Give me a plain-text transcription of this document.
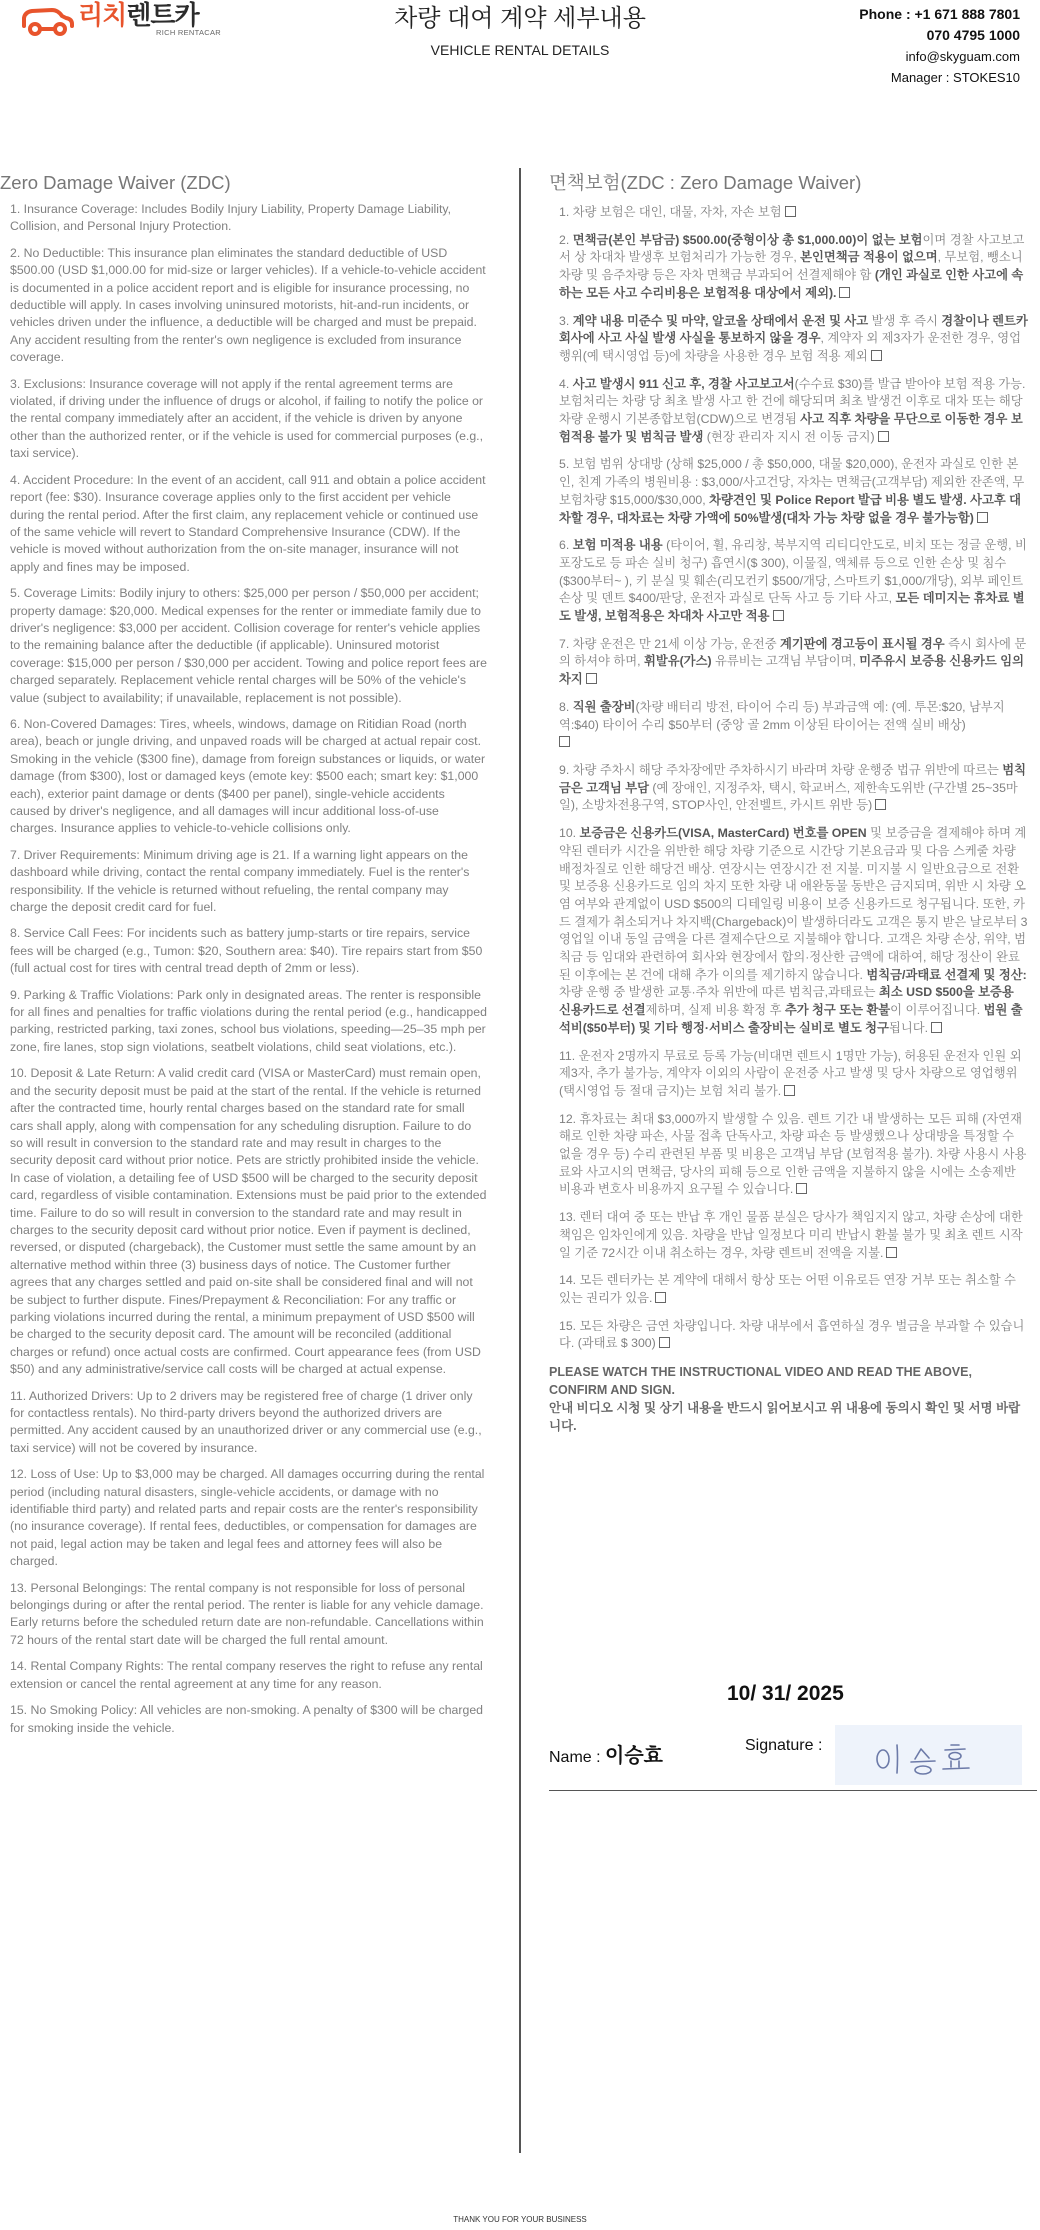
리치렌트카
RICH RENTACAR
차량 대여 계약 세부내용
VEHICLE RENTAL DETAILS
Phone : +1 671 888 7801
070 4795 1000
info@skyguam.com
Manager : STOKES10
Zero Damage Waiver (ZDC)
1. Insurance Coverage: Includes Bodily Injury Liability, Property Damage Liability, Collision, and Personal Injury Protection.
2. No Deductible: This insurance plan eliminates the standard deductible of USD $500.00 (USD $1,000.00 for mid-size or larger vehicles). If a vehicle-to-vehicle accident is documented in a police accident report and is eligible for insurance processing, no deductible will apply. In cases involving uninsured motorists, hit-and-run incidents, or vehicles driven under the influence, a deductible will be charged and must be prepaid. Any accident resulting from the renter's own negligence is excluded from insurance coverage.
3. Exclusions: Insurance coverage will not apply if the rental agreement terms are violated, if driving under the influence of drugs or alcohol, if failing to notify the police or the rental company immediately after an accident, if the vehicle is driven by anyone other than the authorized renter, or if the vehicle is used for commercial purposes (e.g., taxi service).
4. Accident Procedure: In the event of an accident, call 911 and obtain a police accident report (fee: $30). Insurance coverage applies only to the first accident per vehicle during the rental period. After the first claim, any replacement vehicle or continued use of the same vehicle will revert to Standard Comprehensive Insurance (CDW). If the vehicle is moved without authorization from the on-site manager, insurance will not apply and fines may be imposed.
5. Coverage Limits: Bodily injury to others: $25,000 per person / $50,000 per accident; property damage: $20,000. Medical expenses for the renter or immediate family due to driver's negligence: $3,000 per accident. Collision coverage for renter's vehicle applies to the remaining balance after the deductible (if applicable). Uninsured motorist coverage: $15,000 per person / $30,000 per accident. Towing and police report fees are charged separately. Replacement vehicle rental charges will be 50% of the vehicle's value (subject to availability; if unavailable, replacement is not possible).
6. Non-Covered Damages: Tires, wheels, windows, damage on Ritidian Road (north area), beach or jungle driving, and unpaved roads will be charged at actual repair cost. Smoking in the vehicle ($300 fine), damage from foreign substances or liquids, or water damage (from $300), lost or damaged keys (emote key: $500 each; smart key: $1,000 each), exterior paint damage or dents ($400 per panel), single-vehicle accidents caused by driver's negligence, and all damages will incur additional loss-of-use charges. Insurance applies to vehicle-to-vehicle collisions only.
7. Driver Requirements: Minimum driving age is 21. If a warning light appears on the dashboard while driving, contact the rental company immediately. Fuel is the renter's responsibility. If the vehicle is returned without refueling, the rental company may charge the deposit credit card for fuel.
8. Service Call Fees: For incidents such as battery jump-starts or tire repairs, service fees will be charged (e.g., Tumon: $20, Southern area: $40). Tire repairs start from $50 (full actual cost for tires with central tread depth of 2mm or less).
9. Parking & Traffic Violations: Park only in designated areas. The renter is responsible for all fines and penalties for traffic violations during the rental period (e.g., handicapped parking, restricted parking, taxi zones, school bus violations, speeding—25–35 mph per zone, fire lanes, stop sign violations, seatbelt violations, child seat violations, etc.).
10. Deposit & Late Return: A valid credit card (VISA or MasterCard) must remain open, and the security deposit must be paid at the start of the rental. If the vehicle is returned after the contracted time, hourly rental charges based on the standard rate for small cars shall apply, along with compensation for any scheduling disruption. Failure to do so will result in conversion to the standard rate and may result in charges to the security deposit card without prior notice. Pets are strictly prohibited inside the vehicle. In case of violation, a detailing fee of USD $500 will be charged to the security deposit card, regardless of visible contamination. Extensions must be paid prior to the extended time. Failure to do so will result in conversion to the standard rate and may result in charges to the security deposit card without prior notice. Even if payment is declined, reversed, or disputed (chargeback), the Customer must settle the same amount by an alternative method within three (3) business days of notice. The Customer further agrees that any charges settled and paid on-site shall be considered final and will not be subject to further dispute. Fines/Prepayment & Reconciliation: For any traffic or parking violations incurred during the rental, a minimum prepayment of USD $500 will be charged to the security deposit card. The amount will be reconciled (additional charges or refund) once actual costs are confirmed. Court appearance fees (from USD $50) and any administrative/service call costs will be charged at actual expense.
11. Authorized Drivers: Up to 2 drivers may be registered free of charge (1 driver only for contactless rentals). No third-party drivers beyond the authorized drivers are permitted. Any accident caused by an unauthorized driver or any commercial use (e.g., taxi service) will not be covered by insurance.
12. Loss of Use: Up to $3,000 may be charged. All damages occurring during the rental period (including natural disasters, single-vehicle accidents, or damage with no identifiable third party) and related parts and repair costs are the renter's responsibility (no insurance coverage). If rental fees, deductibles, or compensation for damages are not paid, legal action may be taken and legal fees and attorney fees will also be charged.
13. Personal Belongings: The rental company is not responsible for loss of personal belongings during or after the rental period. The renter is liable for any vehicle damage. Early returns before the scheduled return date are non-refundable. Cancellations within 72 hours of the rental start date will be charged the full rental amount.
14. Rental Company Rights: The rental company reserves the right to refuse any rental extension or cancel the rental agreement at any time for any reason.
15. No Smoking Policy: All vehicles are non-smoking. A penalty of $300 will be charged for smoking inside the vehicle.
면책보험(ZDC : Zero Damage Waiver)
1. 차량 보험은 대인, 대물, 자차, 자손 보험
2. 면책금(본인 부담금) $500.00(중형이상 총 $1,000.00)이 없는 보험이며 경찰 사고보고서 상 차대차 발생후 보험처리가 가능한 경우, 본인면책금 적용이 없으며, 무보험, 뺑소니 차량 및 음주차량 등은 자차 면책금 부과되어 선결제해야 함 (개인 과실로 인한 사고에 속하는 모든 사고 수리비용은 보험적용 대상에서 제외).
3. 계약 내용 미준수 및 마약, 알코올 상태에서 운전 및 사고 발생 후 즉시 경찰이나 렌트카 회사에 사고 사실 발생 사실을 통보하지 않을 경우, 계약자 외 제3자가 운전한 경우, 영업행위(예 택시영업 등)에 차량을 사용한 경우 보험 적용 제외
4. 사고 발생시 911 신고 후, 경찰 사고보고서(수수료 $30)를 발급 받아야 보험 적용 가능. 보험처리는 차량 당 최초 발생 사고 한 건에 해당되며 최초 발생건 이후로 대차 또는 해당 차량 운행시 기본종합보험(CDW)으로 변경됨 사고 직후 차량을 무단으로 이동한 경우 보험적용 불가 및 범칙금 발생 (현장 관리자 지시 전 이동 금지)
5. 보험 범위 상대방 (상해 $25,000 / 총 $50,000, 대물 $20,000), 운전자 과실로 인한 본인, 친계 가족의 병원비용 : $3,000/사고건당, 자차는 면책금(고객부담) 제외한 잔존액, 무보험차량 $15,000/$30,000, 차량견인 및 Police Report 발급 비용 별도 발생. 사고후 대차할 경우, 대차료는 차량 가액에 50%발생(대차 가능 차량 없을 경우 불가능함)
6. 보험 미적용 내용 (타이어, 휠, 유리창, 북부지역 리티디안도로, 비치 또는 정글 운행, 비포장도로 등 파손 실비 청구) 흡연시($ 300), 이물질, 액체류 등으로 인한 손상 및 침수($300부터~ ), 키 분실 및 훼손(리모컨키 $500/개당, 스마트키 $1,000/개당), 외부 페인트 손상 및 덴트 $400/판당, 운전자 과실로 단독 사고 등 기타 사고, 모든 데미지는 휴차료 별도 발생, 보험적용은 차대차 사고만 적용
7. 차량 운전은 만 21세 이상 가능, 운전중 계기판에 경고등이 표시될 경우 즉시 회사에 문의 하셔야 하며, 휘발유(가스) 유류비는 고객님 부담이며, 미주유시 보증용 신용카드 임의 차지
8. 직원 출장비(차량 배터리 방전, 타이어 수리 등) 부과금액 예: (예. 투몬:$20, 남부지역:$40) 타이어 수리 $50부터 (중앙 골 2mm 이상된 타이어는 전액 실비 배상)

9. 차량 주차시 해당 주차장에만 주차하시기 바라며 차량 운행중 법규 위반에 따르는 범칙금은 고객님 부담 (예 장애인, 지정주차, 택시, 학교버스, 제한속도위반 (구간별 25~35마일), 소방차전용구역, STOP사인, 안전벨트, 카시트 위반 등)
10. 보증금은 신용카드(VISA, MasterCard) 번호를 OPEN 및 보증금을 결제해야 하며 계약된 렌터카 시간을 위반한 해당 차량 기준으로 시간당 기본요금과 및 다음 스케줄 차량 배정차질로 인한 해당건 배상. 연장시는 연장시간 전 지불. 미지불 시 일반요금으로 전환 및 보증용 신용카드로 임의 차지 또한 차량 내 애완동물 동반은 금지되며, 위반 시 차량 오염 여부와 관계없이 USD $500의 디테일링 비용이 보증 신용카드로 청구됩니다. 또한, 카드 결제가 취소되거나 차지백(Chargeback)이 발생하더라도 고객은 통지 받은 날로부터 3영업일 이내 동일 금액을 다른 결제수단으로 지불해야 합니다. 고객은 차량 손상, 위약, 범칙금 등 임대와 관련하여 회사와 현장에서 합의·정산한 금액에 대하여, 해당 정산이 완료된 이후에는 본 건에 대해 추가 이의를 제기하지 않습니다. 범칙금/과태료 선결제 및 정산: 차량 운행 중 발생한 교통·주차 위반에 따른 범칙금,과태료는 최소 USD $500을 보증용 신용카드로 선결제하며, 실제 비용 확정 후 추가 청구 또는 환불이 이루어집니다. 법원 출석비($50부터) 및 기타 행정·서비스 출장비는 실비로 별도 청구됩니다.
11. 운전자 2명까지 무료로 등록 가능(비대면 렌트시 1명만 가능), 허용된 운전자 인원 외 제3자, 추가 불가능, 계약자 이외의 사람이 운전중 사고 발생 및 당사 차량으로 영업행위(택시영업 등 절대 금지)는 보험 처리 불가.
12. 휴차료는 최대 $3,000까지 발생할 수 있음. 렌트 기간 내 발생하는 모든 피해 (자연재해로 인한 차량 파손, 사물 접촉 단독사고, 차량 파손 등 발생했으나 상대방을 특정할 수 없을 경우 등) 수리 관련된 부품 및 비용은 고객님 부담 (보험적용 불가). 차량 사용시 사용료와 사고시의 면책금, 당사의 피해 등으로 인한 금액을 지불하지 않을 시에는 소송제반 비용과 변호사 비용까지 요구될 수 있습니다.
13. 렌터 대여 중 또는 반납 후 개인 물품 분실은 당사가 책임지지 않고, 차량 손상에 대한 책임은 임차인에게 있음. 차량을 반납 일정보다 미리 반납시 환불 불가 및 최초 렌트 시작일 기준 72시간 이내 취소하는 경우, 차량 렌트비 전액을 지불.
14. 모든 렌터카는 본 계약에 대해서 항상 또는 어떤 이유로든 연장 거부 또는 취소할 수 있는 권리가 있음.
15. 모든 차량은 금연 차량입니다. 차량 내부에서 흡연하실 경우 벌금을 부과할 수 있습니다. (과태료 $ 300)
PLEASE WATCH THE INSTRUCTIONAL VIDEO AND READ THE ABOVE, CONFIRM AND SIGN.
안내 비디오 시청 및 상기 내용을 반드시 읽어보시고 위 내용에 동의시 확인 및 서명 바랍니다.
10/ 31/ 2025
Name : 이승효	Signature :
THANK YOU FOR YOUR BUSINESS
